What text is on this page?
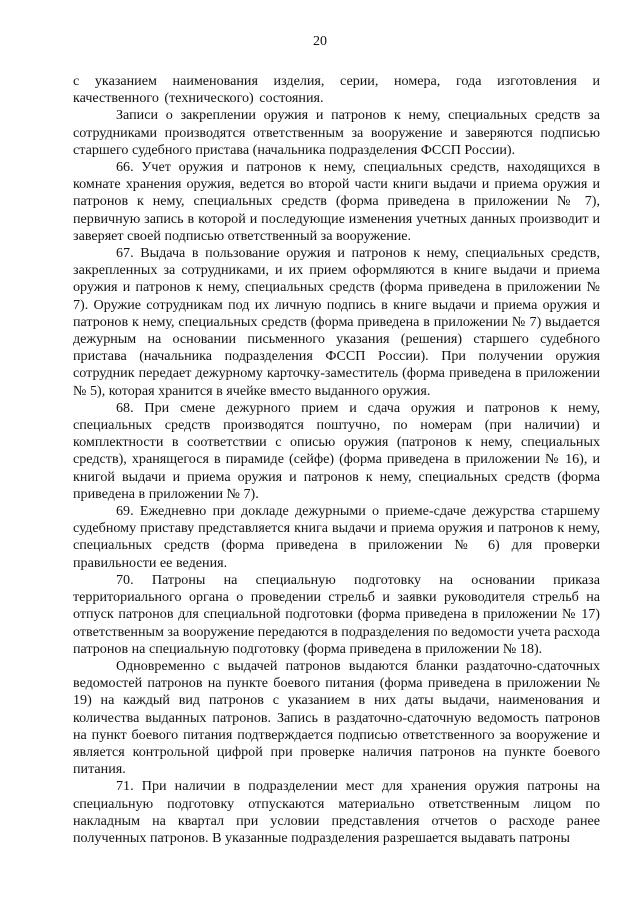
20

с указанием наименования изделия, серии, номера, года изготовления и качественного (технического) состояния.

Записи о закреплении оружия и патронов к нему, специальных средств за сотрудниками производятся ответственным за вооружение и заверяются подписью старшего судебного пристава (начальника подразделения ФССП России).

66. Учет оружия и патронов к нему, специальных средств, находящихся в комнате хранения оружия, ведется во второй части книги выдачи и приема оружия и патронов к нему, специальных средств (форма приведена в приложении № 7), первичную запись в которой и последующие изменения учетных данных производит и заверяет своей подписью ответственный за вооружение.

67. Выдача в пользование оружия и патронов к нему, специальных средств, закрепленных за сотрудниками, и их прием оформляются в книге выдачи и приема оружия и патронов к нему, специальных средств (форма приведена в приложении № 7). Оружие сотрудникам под их личную подпись в книге выдачи и приема оружия и патронов к нему, специальных средств (форма приведена в приложении № 7) выдается дежурным на основании письменного указания (решения) старшего судебного пристава (начальника подразделения ФССП России). При получении оружия сотрудник передает дежурному карточку-заместитель (форма приведена в приложении № 5), которая хранится в ячейке вместо выданного оружия.

68. При смене дежурного прием и сдача оружия и патронов к нему, специальных средств производятся поштучно, по номерам (при наличии) и комплектности в соответствии с описью оружия (патронов к нему, специальных средств), хранящегося в пирамиде (сейфе) (форма приведена в приложении № 16), и книгой выдачи и приема оружия и патронов к нему, специальных средств (форма приведена в приложении № 7).

69. Ежедневно при докладе дежурными о приеме-сдаче дежурства старшему судебному приставу представляется книга выдачи и приема оружия и патронов к нему, специальных средств (форма приведена в приложении № 6) для проверки правильности ее ведения.

70. Патроны на специальную подготовку на основании приказа территориального органа о проведении стрельб и заявки руководителя стрельб на отпуск патронов для специальной подготовки (форма приведена в приложении № 17) ответственным за вооружение передаются в подразделения по ведомости учета расхода патронов на специальную подготовку (форма приведена в приложении № 18).

Одновременно с выдачей патронов выдаются бланки раздаточно-сдаточных ведомостей патронов на пункте боевого питания (форма приведена в приложении № 19) на каждый вид патронов с указанием в них даты выдачи, наименования и количества выданных патронов. Запись в раздаточно-сдаточную ведомость патронов на пункт боевого питания подтверждается подписью ответственного за вооружение и является контрольной цифрой при проверке наличия патронов на пункте боевого питания.

71. При наличии в подразделении мест для хранения оружия патроны на специальную подготовку отпускаются материально ответственным лицом по накладным на квартал при условии представления отчетов о расходе ранее полученных патронов. В указанные подразделения разрешается выдавать патроны
